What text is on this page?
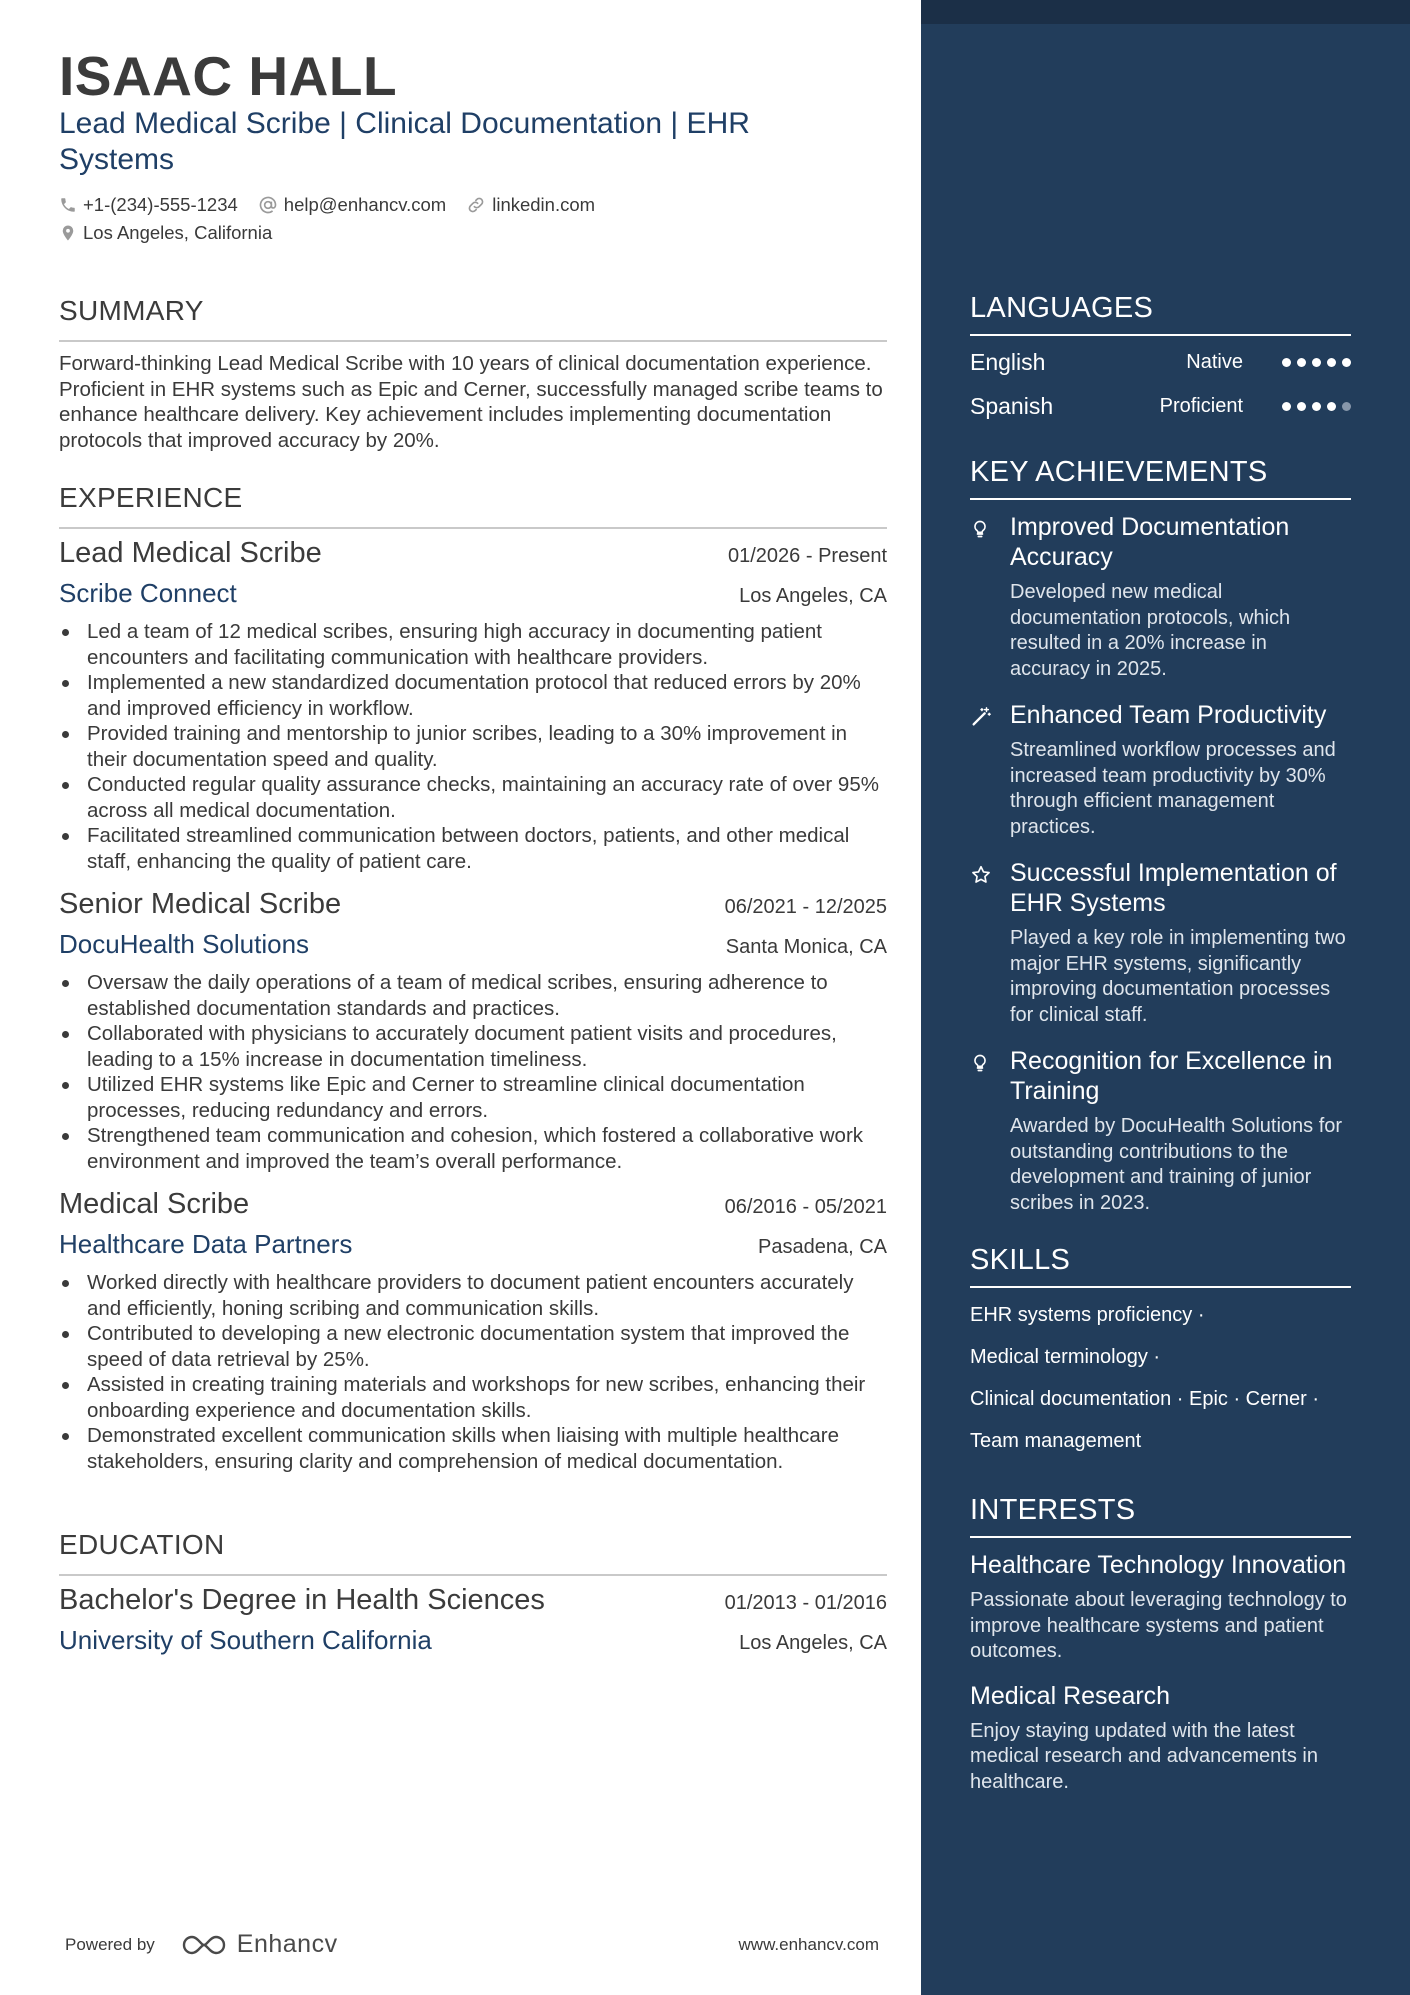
ISAAC HALL
Lead Medical Scribe | Clinical Documentation | EHR Systems
+1-(234)-555-1234 help@enhancv.com linkedin.com
Los Angeles, California
SUMMARY
Forward-thinking Lead Medical Scribe with 10 years of clinical documentation experience. Proficient in EHR systems such as Epic and Cerner, successfully managed scribe teams to enhance healthcare delivery. Key achievement includes implementing documentation protocols that improved accuracy by 20%.
EXPERIENCE
Lead Medical Scribe	01/2026 - Present
Scribe Connect	Los Angeles, CA
Led a team of 12 medical scribes, ensuring high accuracy in documenting patient encounters and facilitating communication with healthcare providers.
Implemented a new standardized documentation protocol that reduced errors by 20% and improved efficiency in workflow.
Provided training and mentorship to junior scribes, leading to a 30% improvement in their documentation speed and quality.
Conducted regular quality assurance checks, maintaining an accuracy rate of over 95% across all medical documentation.
Facilitated streamlined communication between doctors, patients, and other medical staff, enhancing the quality of patient care.
Senior Medical Scribe	06/2021 - 12/2025
DocuHealth Solutions	Santa Monica, CA
Oversaw the daily operations of a team of medical scribes, ensuring adherence to established documentation standards and practices.
Collaborated with physicians to accurately document patient visits and procedures, leading to a 15% increase in documentation timeliness.
Utilized EHR systems like Epic and Cerner to streamline clinical documentation processes, reducing redundancy and errors.
Strengthened team communication and cohesion, which fostered a collaborative work environment and improved the team’s overall performance.
Medical Scribe	06/2016 - 05/2021
Healthcare Data Partners	Pasadena, CA
Worked directly with healthcare providers to document patient encounters accurately and efficiently, honing scribing and communication skills.
Contributed to developing a new electronic documentation system that improved the speed of data retrieval by 25%.
Assisted in creating training materials and workshops for new scribes, enhancing their onboarding experience and documentation skills.
Demonstrated excellent communication skills when liaising with multiple healthcare stakeholders, ensuring clarity and comprehension of medical documentation.
EDUCATION
Bachelor's Degree in Health Sciences	01/2013 - 01/2016
University of Southern California	Los Angeles, CA
Powered by	Enhancv	www.enhancv.com
LANGUAGES
English	Native
Spanish	Proficient
KEY ACHIEVEMENTS
Improved Documentation Accuracy
Developed new medical documentation protocols, which resulted in a 20% increase in accuracy in 2025.
Enhanced Team Productivity
Streamlined workflow processes and increased team productivity by 30% through efficient management practices.
Successful Implementation of EHR Systems
Played a key role in implementing two major EHR systems, significantly improving documentation processes for clinical staff.
Recognition for Excellence in Training
Awarded by DocuHealth Solutions for outstanding contributions to the development and training of junior scribes in 2023.
SKILLS
EHR systems proficiency ·
Medical terminology ·
Clinical documentation · Epic · Cerner ·
Team management
INTERESTS
Healthcare Technology Innovation
Passionate about leveraging technology to improve healthcare systems and patient outcomes.
Medical Research
Enjoy staying updated with the latest medical research and advancements in healthcare.
